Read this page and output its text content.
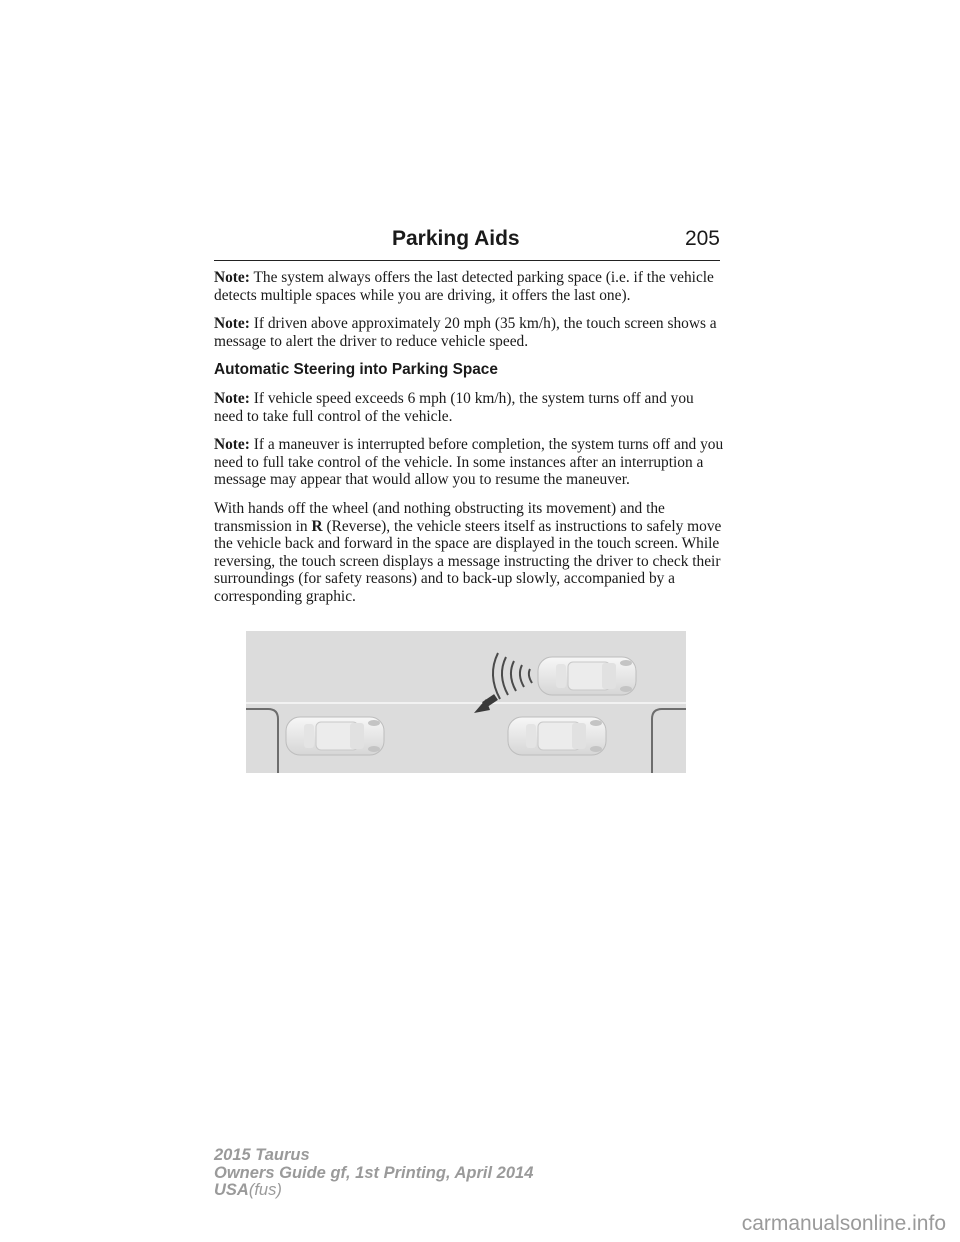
Parking Aids	205

Note: The system always offers the last detected parking space (i.e. if the vehicle detects multiple spaces while you are driving, it offers the last one).

Note: If driven above approximately 20 mph (35 km/h), the touch screen shows a message to alert the driver to reduce vehicle speed.

Automatic Steering into Parking Space

Note: If vehicle speed exceeds 6 mph (10 km/h), the system turns off and you need to take full control of the vehicle.

Note: If a maneuver is interrupted before completion, the system turns off and you need to full take control of the vehicle. In some instances after an interruption a message may appear that would allow you to resume the maneuver.

With hands off the wheel (and nothing obstructing its movement) and the transmission in R (Reverse), the vehicle steers itself as instructions to safely move the vehicle back and forward in the space are displayed in the touch screen. While reversing, the touch screen displays a message instructing the driver to check their surroundings (for safety reasons) and to back-up slowly, accompanied by a corresponding graphic.

2015 Taurus
Owners Guide gf, 1st Printing, April 2014
USA(fus)
carmanualsonline.info
